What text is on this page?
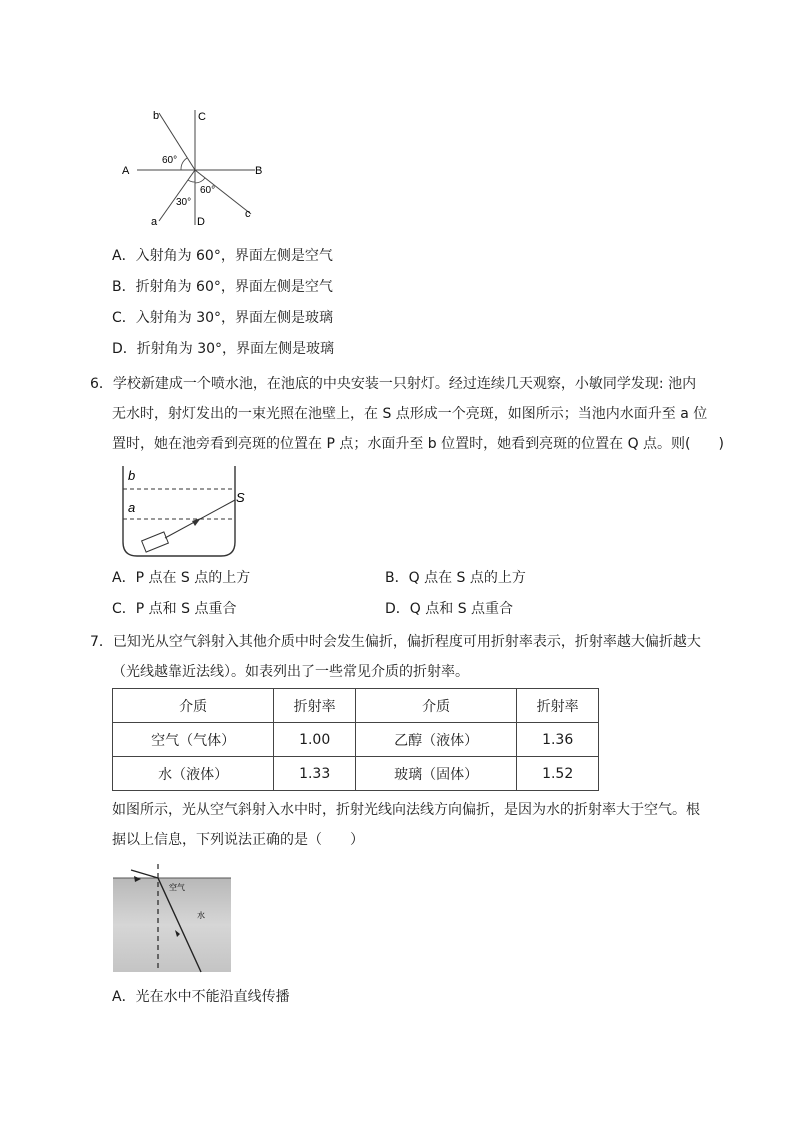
b	C
A	B
a	D
c
60°
60°
30°
A．入射角为 60°，界面左侧是空气
B．折射角为 60°，界面左侧是空气
C．入射角为 30°，界面左侧是玻璃
D．折射角为 30°，界面左侧是玻璃
6．学校新建成一个喷水池，在池底的中央安装一只射灯。经过连续几天观察，小敏同学发现: 池内
无水时，射灯发出的一束光照在池壁上，在 S 点形成一个亮斑，如图所示；当池内水面升至 a 位
置时，她在池旁看到亮斑的位置在 P 点；水面升至 b 位置时，她看到亮斑的位置在 Q 点。则(　　)
b
a
S
A．P 点在 S 点的上方	B．Q 点在 S 点的上方
C．P 点和 S 点重合	D．Q 点和 S 点重合
7．已知光从空气斜射入其他介质中时会发生偏折，偏折程度可用折射率表示，折射率越大偏折越大
（光线越靠近法线）。如表列出了一些常见介质的折射率。
介质	折射率	介质	折射率
空气（气体）	1.00	乙醇（液体）	1.36
水（液体）	1.33	玻璃（固体）	1.52
如图所示，光从空气斜射入水中时，折射光线向法线方向偏折，是因为水的折射率大于空气。根
据以上信息，下列说法正确的是（　　）
空气
水
A．光在水中不能沿直线传播
